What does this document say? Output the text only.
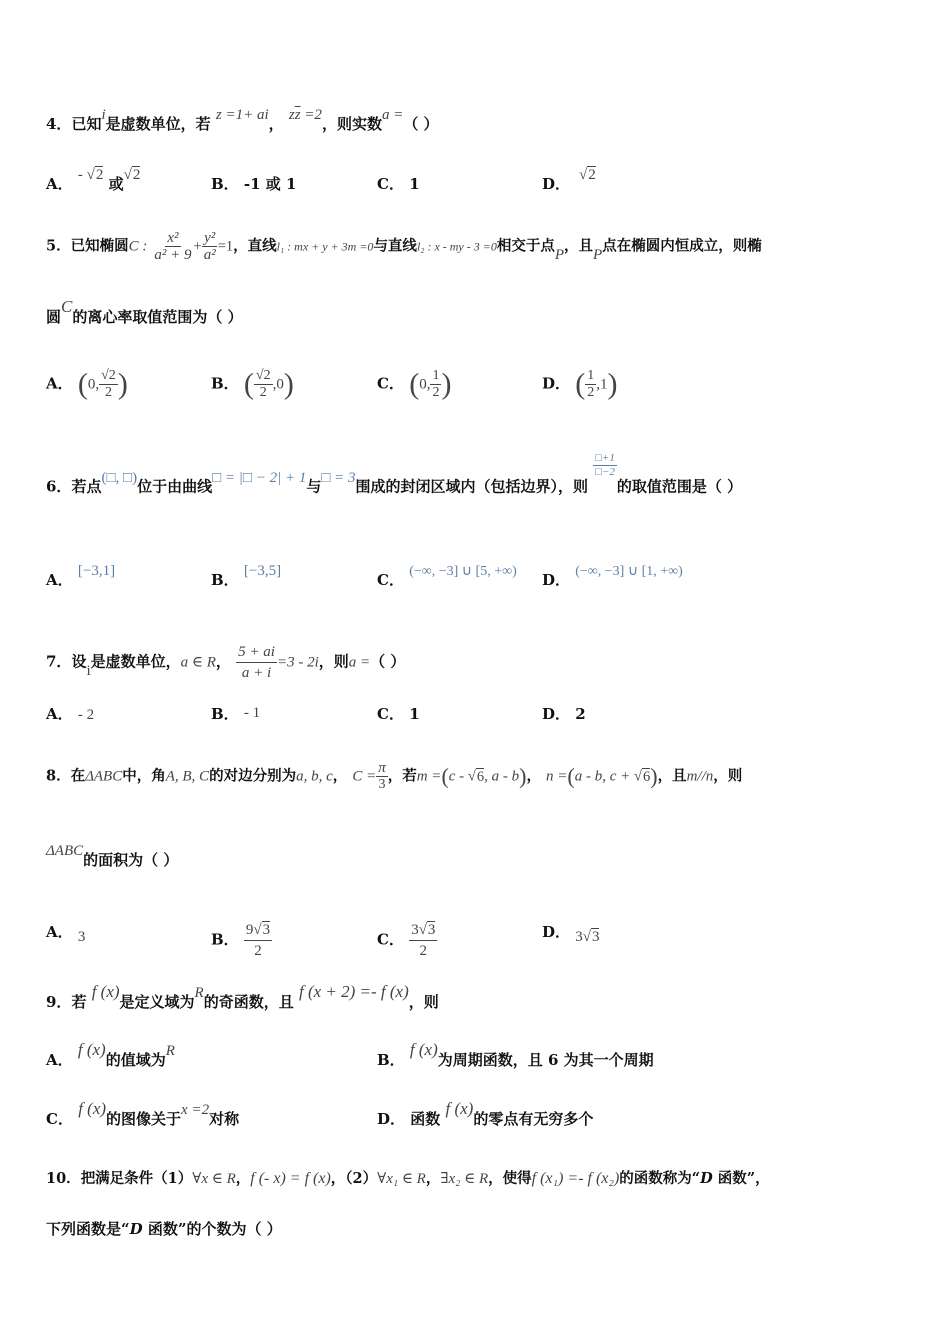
4．已知i是虚数单位，若 z =1+ ai， $z\overline{z} =2$，则实数a =（ ）
A． - √2 或√2	B． -1 或 1	C． 1	D．  √2
5．已知椭圆C : $\frac{\text{x²}}{\text{a² + 9}} + \frac{\text{y²}}{\text{a²}} =1$，直线l₁ : mx + y + 3m =0与直线l₂ : x - my - 3 =0相交于点P，且P点在椭圆内恒成立，则椭
圆C的离心率取值范围为（ ）
A． (0, $\frac{√2}{2}$ )	B． ( $\frac{√2}{2} ,0$)	C． (0, $\frac{1}{2}$ )	D． ( $\frac{1}{2} ,1$)
6．若点(□, □)位于由曲线□ = |□ − 2| + 1与□ = 3围成的封闭区域内（包括边界），则
$\frac{□+1}{□-2}$
的取值范围是（ ）
A． [−3,1]	B． [−3,5]	C． (−∞, −3] ∪ [5, +∞) D． (−∞, −3] ∪ [1, +∞)
7．设i是虚数单位，a ∈ R， $\frac{5 + ai}{a + i} =3 - 2i$，则a =（ ）
A． - 2	B． - 1	C． 1	D． 2
8．在ΔABC中，角A, B, C的对边分别为a, b, c， $C = \frac{\pi}{3}$ ，若m =(c - √6, a - b)， n =(a - b, c + √6)，且m//n，则
ΔABC的面积为（ ）
A． 3	B． $\frac{9√3}{2}$	C． $\frac{3√3}{2}$	D． 3√3
9．若 f (x)是定义域为R的奇函数，且 f (x + 2) =- f (x)，则
A． f (x)的值域为R	B． f (x)为周期函数，且 6 为其一个周期
C． f (x)的图像关于x =2对称	D． 函数 f (x)的零点有无穷多个
10．把满足条件（1）∀x ∈ R，f (- x) = f (x)，（2）∀x₁ ∈ R，∃x₂ ∈ R，使得f (x₁) =- f (x₂)的函数称为“D 函数”，
下列函数是“D 函数”的个数为（ ）
